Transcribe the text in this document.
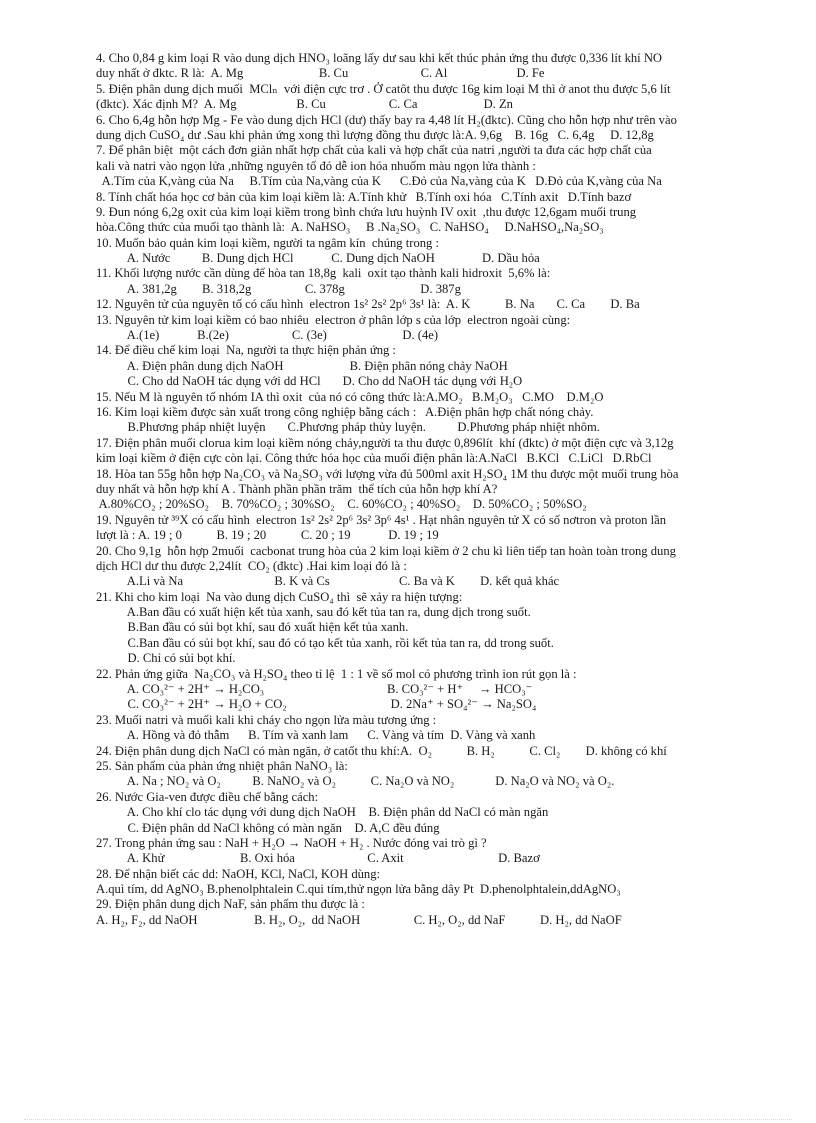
4. Cho 0,84 g kim loại R vào dung dịch HNO₃ loãng lấy dư sau khi kết thúc phản ứng thu được 0,336 lít khí NO
duy nhất ở đktc. R là:  A. Mg                        B. Cu                       C. Al                      D. Fe
5. Điện phân dung dịch muối  MClₙ  với điện cực trơ . Ở catôt thu được 16g kim loại M thì ở anot thu được 5,6 lít
(đktc). Xác định M?  A. Mg                   B. Cu                    C. Ca                     D. Zn
6. Cho 6,4g hỗn hợp Mg - Fe vào dung dịch HCl (dư) thấy bay ra 4,48 lít H₂(đktc). Cũng cho hỗn hợp như trên vào
dung dịch CuSO₄ dư .Sau khi phản ứng xong thì lượng đồng thu được là:A. 9,6g    B. 16g   C. 6,4g     D. 12,8g
7. Để phân biệt  một cách đơn giản nhất hợp chất của kali và hợp chất của natri ,người ta đưa các hợp chất của
kali và natri vào ngọn lửa ,những nguyên tố đó dễ ion hóa nhuốm màu ngọn lửa thành :
A.Tím của K,vàng của Na     B.Tím của Na,vàng của K      C.Đỏ của Na,vàng của K   D.Đỏ của K,vàng của Na
8. Tính chất hóa học cơ bản của kim loại kiềm là: A.Tính khử   B.Tính oxi hóa   C.Tính axit   D.Tính bazơ
9. Đun nóng 6,2g oxit của kim loại kiềm trong bình chứa lưu huỳnh IV oxit  ,thu được 12,6gam muối trung
hòa.Công thức của muối tạo thành là:  A. NaHSO₃     B .Na₂SO₃   C. NaHSO₄     D.NaHSO₄,Na₂SO₃
10. Muốn bảo quản kim loại kiềm, người ta ngâm kín  chúng trong :
A. Nước          B. Dung dịch HCl            C. Dung dịch NaOH               D. Dầu hỏa
11. Khối lượng nước cần dùng để hòa tan 18,8g  kali  oxit tạo thành kali hidroxit  5,6% là:
A. 381,2g        B. 318,2g                 C. 378g                        D. 387g
12. Nguyên tử của nguyên tố có cấu hình  electron 1s² 2s² 2p⁶ 3s¹ là:  A. K           B. Na       C. Ca        D. Ba
13. Nguyên tử kim loại kiềm có bao nhiêu  electron ở phân lớp s của lớp  electron ngoài cùng:
A.(1e)            B.(2e)                    C. (3e)                        D. (4e)
14. Để điều chế kim loại  Na, người ta thực hiện phản ứng :
A. Điện phân dung dịch NaOH                     B. Điện phân nóng chảy NaOH
C. Cho dd NaOH tác dụng với dd HCl       D. Cho dd NaOH tác dụng với H₂O
15. Nếu M là nguyên tố nhóm IA thì oxit  của nó có công thức là:A.MO₂   B.M₂O₃   C.MO    D.M₂O
16. Kim loại kiềm được sản xuất trong công nghiệp bằng cách :   A.Điện phân hợp chất nóng chảy.
B.Phương pháp nhiệt luyện       C.Phương pháp thủy luyện.          D.Phương pháp nhiệt nhôm.
17. Điện phân muối clorua kim loại kiềm nóng chảy,người ta thu được 0,896lít  khí (đktc) ở một điện cực và 3,12g
kim loại kiềm ở điện cực còn lại. Công thức hóa học của muối điện phân là:A.NaCl   B.KCl   C.LiCl   D.RbCl
18. Hòa tan 55g hỗn hợp Na₂CO₃ và Na₂SO₃ với lượng vừa đủ 500ml axit H₂SO₄ 1M thu được một muối trung hòa
duy nhất và hỗn hợp khí A . Thành phần phần trăm  thể tích của hỗn hợp khí A?
A.80%CO₂ ; 20%SO₂    B. 70%CO₂ ; 30%SO₂    C. 60%CO₂ ; 40%SO₂    D. 50%CO₂ ; 50%SO₂
19. Nguyên tử ³⁹X có cấu hình  electron 1s² 2s² 2p⁶ 3s² 3p⁶ 4s¹ . Hạt nhân nguyên tử X có số nơtron và proton lần
lượt là : A. 19 ; 0           B. 19 ; 20           C. 20 ; 19            D. 19 ; 19
20. Cho 9,1g  hỗn hợp 2muối  cacbonat trung hòa của 2 kim loại kiềm ở 2 chu kì liên tiếp tan hoàn toàn trong dung
dịch HCl dư thu được 2,24lít  CO₂ (đktc) .Hai kim loại đó là :
A.Li và Na                             B. K và Cs                      C. Ba và K        D. kết quả khác
21. Khi cho kim loại  Na vào dung dịch CuSO₄ thì  sẽ xảy ra hiện tượng:
A.Ban đầu có xuất hiện kết tủa xanh, sau đó kết tủa tan ra, dung dịch trong suốt.
B.Ban đầu có sủi bọt khí, sau đó xuất hiện kết tủa xanh.
C.Ban đầu có sủi bọt khí, sau đó có tạo kết tủa xanh, rồi kết tủa tan ra, dd trong suốt.
D. Chỉ có sủi bọt khí.
22. Phản ứng giữa  Na₂CO₃ và H₂SO₄ theo tỉ lệ  1 : 1 về số mol có phương trình ion rút gọn là :
A. CO₃²⁻ + 2H⁺ → H₂CO₃                                       B. CO₃²⁻ + H⁺     → HCO₃⁻
C. CO₃²⁻ + 2H⁺ → H₂O + CO₂                                 D. 2Na⁺ + SO₄²⁻ → Na₂SO₄
23. Muối natri và muối kali khi cháy cho ngọn lửa màu tương ứng :
A. Hồng và đỏ thẫm      B. Tím và xanh lam      C. Vàng và tím  D. Vàng và xanh
24. Điện phân dung dịch NaCl có màn ngăn, ở catốt thu khí:A.  O₂           B. H₂           C. Cl₂        D. không có khí
25. Sản phẩm của phản ứng nhiệt phân NaNO₃ là:
A. Na ; NO₂ và O₂          B. NaNO₂ và O₂           C. Na₂O và NO₂             D. Na₂O và NO₂ và O₂.
26. Nước Gia-ven được điều chế bằng cách:
A. Cho khí clo tác dụng với dung dịch NaOH    B. Điện phân dd NaCl có màn ngăn
C. Điện phân dd NaCl không có màn ngăn    D. A,C đều đúng
27. Trong phản ứng sau : NaH + H₂O → NaOH + H₂ . Nước đóng vai trò gì ?
A. Khử                        B. Oxi hóa                       C. Axit                              D. Bazơ
28. Để nhận biết các dd: NaOH, KCl, NaCl, KOH dùng:
A.quì tím, dd AgNO₃ B.phenolphtalein C.qui tím,thử ngọn lửa bằng dây Pt  D.phenolphtalein,ddAgNO₃
29. Điện phân dung dịch NaF, sản phẩm thu được là :
A. H₂, F₂, dd NaOH                  B. H₂, O₂,  dd NaOH                 C. H₂, O₂, dd NaF           D. H₂, dd NaOF
